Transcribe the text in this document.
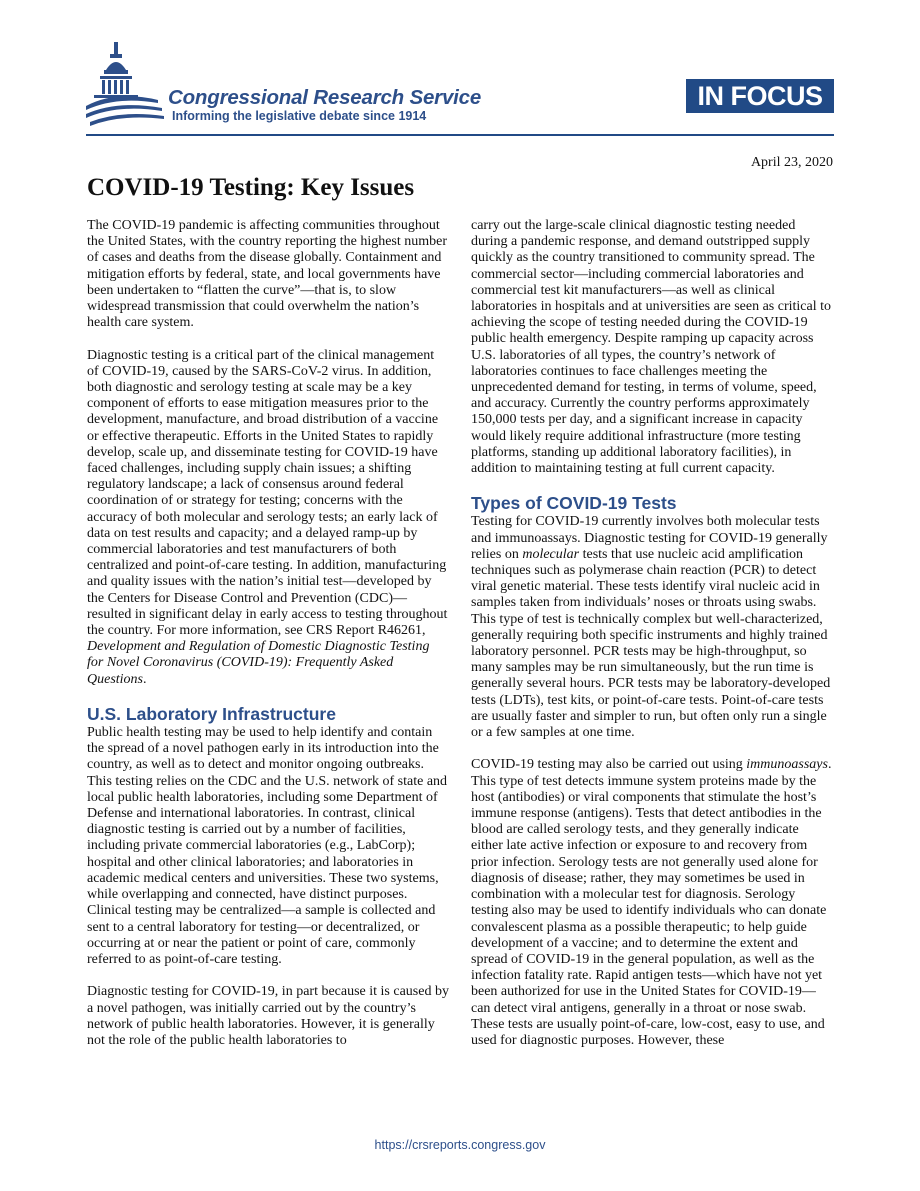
Congressional Research Service
Informing the legislative debate since 1914
IN FOCUS
April 23, 2020
COVID-19 Testing: Key Issues

The COVID-19 pandemic is affecting communities throughout the United States, with the country reporting the highest number of cases and deaths from the disease globally. Containment and mitigation efforts by federal, state, and local governments have been undertaken to “flatten the curve”—that is, to slow widespread transmission that could overwhelm the nation’s health care system.

Diagnostic testing is a critical part of the clinical management of COVID-19, caused by the SARS-CoV-2 virus. In addition, both diagnostic and serology testing at scale may be a key component of efforts to ease mitigation measures prior to the development, manufacture, and broad distribution of a vaccine or effective therapeutic. Efforts in the United States to rapidly develop, scale up, and disseminate testing for COVID-19 have faced challenges, including supply chain issues; a shifting regulatory landscape; a lack of consensus around federal coordination of or strategy for testing; concerns with the accuracy of both molecular and serology tests; an early lack of data on test results and capacity; and a delayed ramp-up by commercial laboratories and test manufacturers of both centralized and point-of-care testing. In addition, manufacturing and quality issues with the nation’s initial test—developed by the Centers for Disease Control and Prevention (CDC)—resulted in significant delay in early access to testing throughout the country. For more information, see CRS Report R46261, Development and Regulation of Domestic Diagnostic Testing for Novel Coronavirus (COVID-19): Frequently Asked Questions.

U.S. Laboratory Infrastructure

Public health testing may be used to help identify and contain the spread of a novel pathogen early in its introduction into the country, as well as to detect and monitor ongoing outbreaks. This testing relies on the CDC and the U.S. network of state and local public health laboratories, including some Department of Defense and international laboratories. In contrast, clinical diagnostic testing is carried out by a number of facilities, including private commercial laboratories (e.g., LabCorp); hospital and other clinical laboratories; and laboratories in academic medical centers and universities. These two systems, while overlapping and connected, have distinct purposes. Clinical testing may be centralized—a sample is collected and sent to a central laboratory for testing—or decentralized, or occurring at or near the patient or point of care, commonly referred to as point-of-care testing.

Diagnostic testing for COVID-19, in part because it is caused by a novel pathogen, was initially carried out by the country’s network of public health laboratories. However, it is generally not the role of the public health laboratories to

carry out the large-scale clinical diagnostic testing needed during a pandemic response, and demand outstripped supply quickly as the country transitioned to community spread. The commercial sector—including commercial laboratories and commercial test kit manufacturers—as well as clinical laboratories in hospitals and at universities are seen as critical to achieving the scope of testing needed during the COVID-19 public health emergency. Despite ramping up capacity across U.S. laboratories of all types, the country’s network of laboratories continues to face challenges meeting the unprecedented demand for testing, in terms of volume, speed, and accuracy. Currently the country performs approximately 150,000 tests per day, and a significant increase in capacity would likely require additional infrastructure (more testing platforms, standing up additional laboratory facilities), in addition to maintaining testing at full current capacity.

Types of COVID-19 Tests

Testing for COVID-19 currently involves both molecular tests and immunoassays. Diagnostic testing for COVID-19 generally relies on molecular tests that use nucleic acid amplification techniques such as polymerase chain reaction (PCR) to detect viral genetic material. These tests identify viral nucleic acid in samples taken from individuals’ noses or throats using swabs. This type of test is technically complex but well-characterized, generally requiring both specific instruments and highly trained laboratory personnel. PCR tests may be high-throughput, so many samples may be run simultaneously, but the run time is generally several hours. PCR tests may be laboratory-developed tests (LDTs), test kits, or point-of-care tests. Point-of-care tests are usually faster and simpler to run, but often only run a single or a few samples at one time.

COVID-19 testing may also be carried out using immunoassays. This type of test detects immune system proteins made by the host (antibodies) or viral components that stimulate the host’s immune response (antigens). Tests that detect antibodies in the blood are called serology tests, and they generally indicate either late active infection or exposure to and recovery from prior infection. Serology tests are not generally used alone for diagnosis of disease; rather, they may sometimes be used in combination with a molecular test for diagnosis. Serology testing also may be used to identify individuals who can donate convalescent plasma as a possible therapeutic; to help guide development of a vaccine; and to determine the extent and spread of COVID-19 in the general population, as well as the infection fatality rate. Rapid antigen tests—which have not yet been authorized for use in the United States for COVID-19—can detect viral antigens, generally in a throat or nose swab. These tests are usually point-of-care, low-cost, easy to use, and used for diagnostic purposes. However, these

https://crsreports.congress.gov
